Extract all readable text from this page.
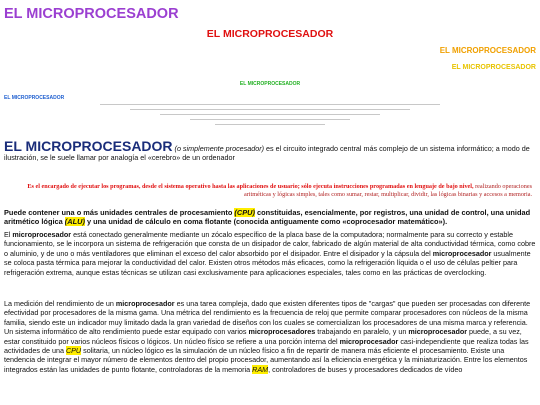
EL MICROPROCESADOR
EL MICROPROCESADOR
EL MICROPROCESADOR
EL MICROPROCESADOR
EL MICROPROCESADOR
EL MICROPROCESADOR
EL MICROPROCESADOR (o simplemente procesador) es el circuito integrado central más complejo de un sistema informático; a modo de ilustración, se le suele llamar por analogía el «cerebro» de un ordenador
Es el encargado de ejecutar los programas, desde el sistema operativo hasta las aplicaciones de usuario; sólo ejecuta instrucciones programadas en lenguaje de bajo nivel, realizando operaciones aritméticas y lógicas simples, tales como sumar, restar, multiplicar, dividir, las lógicas binarias y accesos a memoria.
Puede contener una o más unidades centrales de procesamiento (CPU) constituidas, esencialmente, por registros, una unidad de control, una unidad aritmético lógica (ALU) y una unidad de cálculo en coma flotante (conocida antiguamente como «coprocesador matemático»).
El microprocesador está conectado generalmente mediante un zócalo específico de la placa base de la computadora; normalmente para su correcto y estable funcionamiento, se le incorpora un sistema de refrigeración que consta de un disipador de calor, fabricado de algún material de alta conductividad térmica, como cobre o aluminio, y de uno o más ventiladores que eliminan el exceso del calor absorbido por el disipador. Entre el disipador y la cápsula del microprocesador usualmente se coloca pasta térmica para mejorar la conductividad del calor. Existen otros métodos más eficaces, como la refrigeración líquida o el uso de células peltier para refrigeración extrema, aunque estas técnicas se utilizan casi exclusivamente para aplicaciones especiales, tales como en las prácticas de overclocking.
La medición del rendimiento de un microprocesador es una tarea compleja, dado que existen diferentes tipos de "cargas" que pueden ser procesadas con diferente efectividad por procesadores de la misma gama. Una métrica del rendimiento es la frecuencia de reloj que permite comparar procesadores con núcleos de la misma familia, siendo este un indicador muy limitado dada la gran variedad de diseños con los cuales se comercializan los procesadores de una misma marca y referencia. Un sistema informático de alto rendimiento puede estar equipado con varios microprocesadores trabajando en paralelo, y un microprocesador puede, a su vez, estar constituido por varios núcleos físicos o lógicos. Un núcleo físico se refiere a una porción interna del microprocesador casi-independiente que realiza todas las actividades de una CPU solitaria, un núcleo lógico es la simulación de un núcleo físico a fin de repartir de manera más eficiente el procesamiento. Existe una tendencia de integrar el mayor número de elementos dentro del propio procesador, aumentando así la eficiencia energética y la miniaturización. Entre los elementos integrados están las unidades de punto flotante, controladoras de la memoria RAM, controladores de buses y procesadores dedicados de vídeo
